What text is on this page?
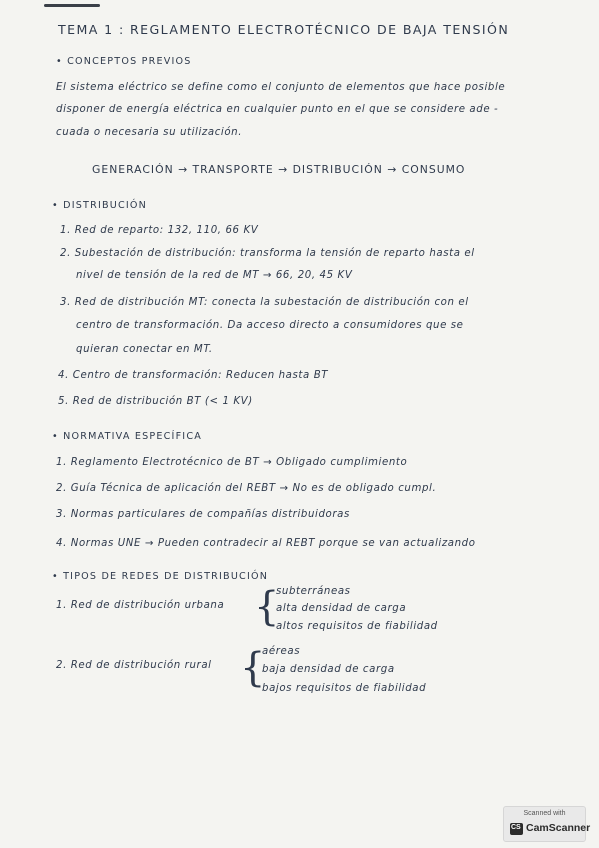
TEMA 1 : REGLAMENTO ELECTROTÉCNICO DE BAJA TENSIÓN
• CONCEPTOS PREVIOS
El sistema eléctrico se define como el conjunto de elementos que hace posible
disponer de energía eléctrica en cualquier punto en el que se considere ade -
cuada o necesaria su utilización.
GENERACIÓN → TRANSPORTE → DISTRIBUCIÓN → CONSUMO
• DISTRIBUCIÓN
1. Red de reparto: 132, 110, 66 KV
2. Subestación de distribución: transforma la tensión de reparto hasta el
nivel de tensión de la red de MT → 66, 20, 45 KV
3. Red de distribución MT: conecta la subestación de distribución con el
centro de transformación. Da acceso directo a consumidores que se
quieran conectar en MT.
4. Centro de transformación: Reducen hasta BT
5. Red de distribución BT (< 1 KV)
• NORMATIVA ESPECÍFICA
1. Reglamento Electrotécnico de BT → Obligado cumplimiento
2. Guía Técnica de aplicación del REBT → No es de obligado cumpl.
3. Normas particulares de compañías distribuidoras
4. Normas UNE → Pueden contradecir al REBT porque se van actualizando
• TIPOS DE REDES DE DISTRIBUCIÓN
1. Red de distribución urbana {
subterráneas
alta densidad de carga
altos requisitos de fiabilidad
2. Red de distribución rural {
aéreas
baja densidad de carga
bajos requisitos de fiabilidad
Scanned with
CS
CamScanner
